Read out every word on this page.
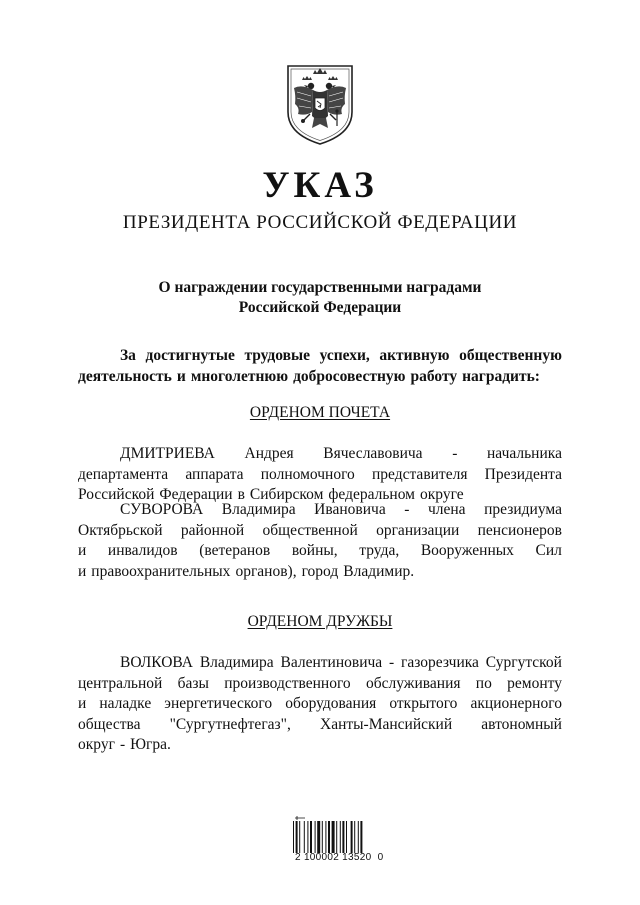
УКАЗ
ПРЕЗИДЕНТА РОССИЙСКОЙ ФЕДЕРАЦИИ
О награждении государственными наградами
Российской Федерации
За достигнутые трудовые успехи, активную общественную
деятельность и многолетнюю добросовестную работу наградить:
ОРДЕНОМ ПОЧЕТА
ДМИТРИЕВА Андрея Вячеславовича - начальника
департамента аппарата полномочного представителя Президента
Российской Федерации в Сибирском федеральном округе
СУВОРОВА Владимира Ивановича - члена президиума
Октябрьской районной общественной организации пенсионеров
и инвалидов (ветеранов войны, труда, Вооруженных Сил
и правоохранительных органов), город Владимир.
ОРДЕНОМ ДРУЖБЫ
ВОЛКОВА Владимира Валентиновича - газорезчика Сургутской
центральной базы производственного обслуживания по ремонту
и наладке энергетического оборудования открытого акционерного
общества "Сургутнефтегаз", Ханты-Мансийский автономный
округ - Югра.
2 100002 13520  0
